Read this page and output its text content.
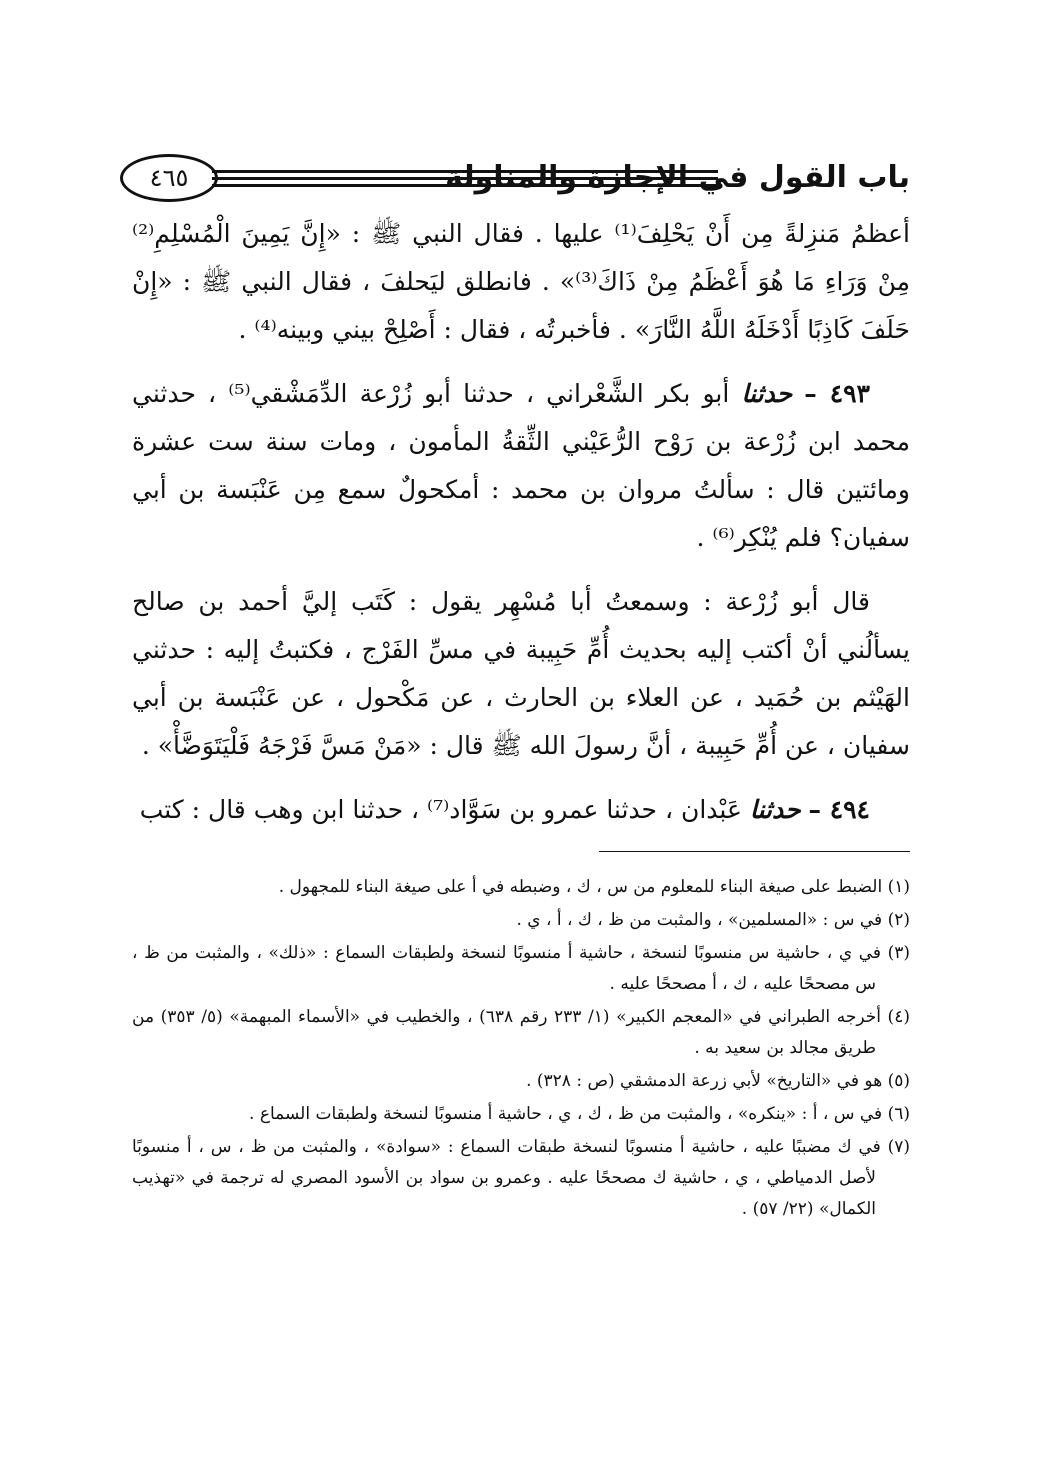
باب القول في الإجازة والمناولة
٤٦٥

أعظمُ مَنزِلةً مِن أَنْ يَحْلِفَ⁽¹⁾ عليها . فقال النبي ﷺ : «إِنَّ يَمِينَ الْمُسْلِمِ⁽²⁾ مِنْ وَرَاءِ مَا هُوَ أَعْظَمُ مِنْ ذَاكَ⁽³⁾» . فانطلق ليَحلفَ ، فقال النبي ﷺ : «إِنْ حَلَفَ كَاذِبًا أَدْخَلَهُ اللَّهُ النَّارَ» . فأخبرتُه ، فقال : أَصْلِحْ بيني وبينه⁽⁴⁾ .

٤٩٣ – حدثنا أبو بكر الشَّعْراني ، حدثنا أبو زُرْعة الدِّمَشْقي⁽⁵⁾ ، حدثني محمد ابن زُرْعة بن رَوْح الرُّعَيْني الثِّقةُ المأمون ، ومات سنة ست عشرة ومائتين قال : سألتُ مروان بن محمد : أمكحولٌ سمع مِن عَنْبَسة بن أبي سفيان؟ فلم يُنْكِر⁽⁶⁾ .

قال أبو زُرْعة : وسمعتُ أبا مُسْهِر يقول : كَتَب إليَّ أحمد بن صالح يسألُني أنْ أكتب إليه بحديث أُمِّ حَبِيبة في مسِّ الفَرْج ، فكتبتُ إليه : حدثني الهَيْثم بن حُمَيد ، عن العلاء بن الحارث ، عن مَكْحول ، عن عَنْبَسة بن أبي سفيان ، عن أُمِّ حَبِيبة ، أنَّ رسولَ الله ﷺ قال : «مَنْ مَسَّ فَرْجَهُ فَلْيَتَوَضَّأْ» .

٤٩٤ – حدثنا عَبْدان ، حدثنا عمرو بن سَوَّاد⁽⁷⁾ ، حدثنا ابن وهب قال : كتب

(١) الضبط على صيغة البناء للمعلوم من س ، ك ، وضبطه في أ على صيغة البناء للمجهول .

(٢) في س : «المسلمين» ، والمثبت من ظ ، ك ، أ ، ي .

(٣) في ي ، حاشية س منسوبًا لنسخة ، حاشية أ منسوبًا لنسخة ولطبقات السماع : «ذلك» ، والمثبت من ظ ، س مصححًا عليه ، ك ، أ مصححًا عليه .

(٤) أخرجه الطبراني في «المعجم الكبير» (١/ ٢٣٣ رقم ٦٣٨) ، والخطيب في «الأسماء المبهمة» (٥/ ٣٥٣) من طريق مجالد بن سعيد به .

(٥) هو في «التاريخ» لأبي زرعة الدمشقي (ص : ٣٢٨) .

(٦) في س ، أ : «ينكره» ، والمثبت من ظ ، ك ، ي ، حاشية أ منسوبًا لنسخة ولطبقات السماع .

(٧) في ك مضببًا عليه ، حاشية أ منسوبًا لنسخة طبقات السماع : «سوادة» ، والمثبت من ظ ، س ، أ منسوبًا لأصل الدمياطي ، ي ، حاشية ك مصححًا عليه . وعمرو بن سواد بن الأسود المصري له ترجمة في «تهذيب الكمال» (٢٢/ ٥٧) .
